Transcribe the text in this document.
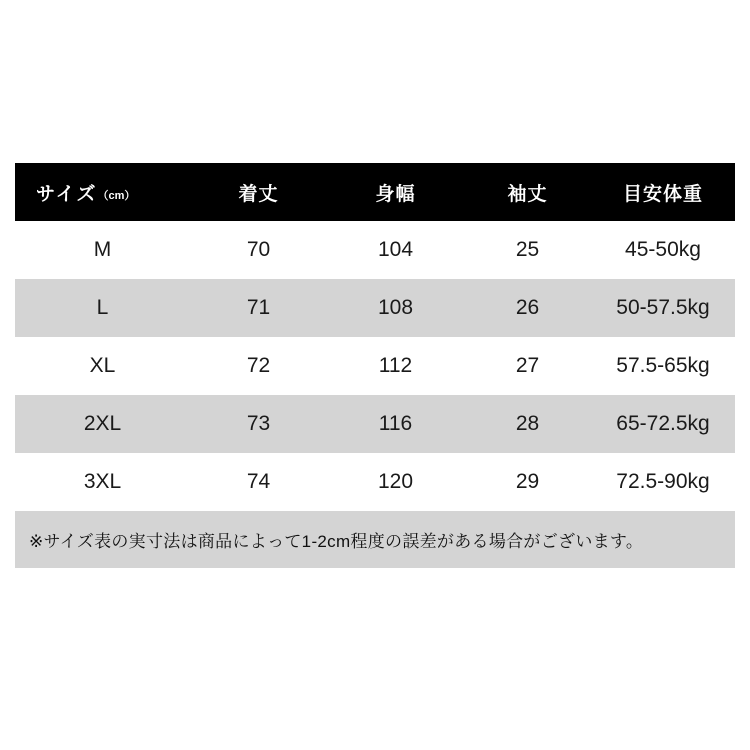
サイズ（cm）	着丈	身幅	袖丈	目安体重
M	70	104	25	45-50kg
L	71	108	26	50-57.5kg
XL	72	112	27	57.5-65kg
2XL	73	116	28	65-72.5kg
3XL	74	120	29	72.5-90kg
※サイズ表の実寸法は商品によって1-2cm程度の誤差がある場合がございます。				
